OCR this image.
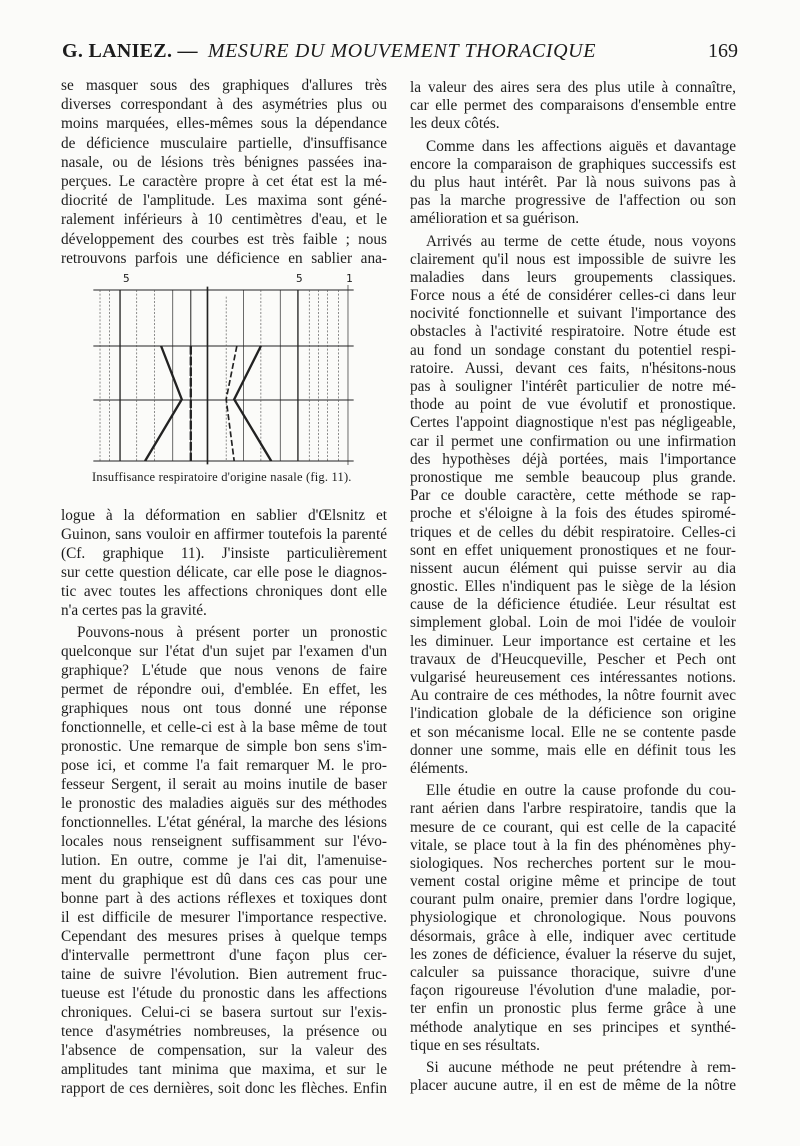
G. LANIEZ. — MESURE DU MOUVEMENT THORACIQUE	169
se masquer sous des graphiques d'allures très
diverses correspondant à des asymétries plus ou
moins marquées, elles-mêmes sous la dépendance
de déficience musculaire partielle, d'insuffisance
nasale, ou de lésions très bénignes passées ina-
perçues. Le caractère propre à cet état est la mé-
diocrité de l'amplitude. Les maxima sont géné-
ralement inférieurs à 10 centimètres d'eau, et le
développement des courbes est très faible ; nous
retrouvons parfois une déficience en sablier ana-
5	5	1
Insuffisance respiratoire d'origine nasale (fig. 11).
logue à la déformation en sablier d'Œlsnitz et
Guinon, sans vouloir en affirmer toutefois la parenté
(Cf. graphique 11). J'insiste particulièrement
sur cette question délicate, car elle pose le diagnos-
tic avec toutes les affections chroniques dont elle
n'a certes pas la gravité.
Pouvons-nous à présent porter un pronostic
quelconque sur l'état d'un sujet par l'examen d'un
graphique? L'étude que nous venons de faire
permet de répondre oui, d'emblée. En effet, les
graphiques nous ont tous donné une réponse
fonctionnelle, et celle-ci est à la base même de tout
pronostic. Une remarque de simple bon sens s'im-
pose ici, et comme l'a fait remarquer M. le pro-
fesseur Sergent, il serait au moins inutile de baser
le pronostic des maladies aiguës sur des méthodes
fonctionnelles. L'état général, la marche des lésions
locales nous renseignent suffisamment sur l'évo-
lution. En outre, comme je l'ai dit, l'amenuise-
ment du graphique est dû dans ces cas pour une
bonne part à des actions réflexes et toxiques dont
il est difficile de mesurer l'importance respective.
Cependant des mesures prises à quelque temps
d'intervalle permettront d'une façon plus cer-
taine de suivre l'évolution. Bien autrement fruc-
tueuse est l'étude du pronostic dans les affections
chroniques. Celui-ci se basera surtout sur l'exis-
tence d'asymétries nombreuses, la présence ou
l'absence de compensation, sur la valeur des
amplitudes tant minima que maxima, et sur le
rapport de ces dernières, soit donc les flèches. Enfin
la valeur des aires sera des plus utile à connaître,
car elle permet des comparaisons d'ensemble entre
les deux côtés.
Comme dans les affections aiguës et davantage
encore la comparaison de graphiques successifs est
du plus haut intérêt. Par là nous suivons pas à
pas la marche progressive de l'affection ou son
amélioration et sa guérison.
Arrivés au terme de cette étude, nous voyons
clairement qu'il nous est impossible de suivre les
maladies dans leurs groupements classiques.
Force nous a été de considérer celles-ci dans leur
nocivité fonctionnelle et suivant l'importance des
obstacles à l'activité respiratoire. Notre étude est
au fond un sondage constant du potentiel respi-
ratoire. Aussi, devant ces faits, n'hésitons-nous
pas à souligner l'intérêt particulier de notre mé-
thode au point de vue évolutif et pronostique.
Certes l'appoint diagnostique n'est pas négligeable,
car il permet une confirmation ou une infirmation
des hypothèses déjà portées, mais l'importance
pronostique me semble beaucoup plus grande.
Par ce double caractère, cette méthode se rap-
proche et s'éloigne à la fois des études spiromé-
triques et de celles du débit respiratoire. Celles-ci
sont en effet uniquement pronostiques et ne four-
nissent aucun élément qui puisse servir au dia
gnostic. Elles n'indiquent pas le siège de la lésion
cause de la déficience étudiée. Leur résultat est
simplement global. Loin de moi l'idée de vouloir
les diminuer. Leur importance est certaine et les
travaux de d'Heucqueville, Pescher et Pech ont
vulgarisé heureusement ces intéressantes notions.
Au contraire de ces méthodes, la nôtre fournit avec
l'indication globale de la déficience son origine
et son mécanisme local. Elle ne se contente pasde
donner une somme, mais elle en définit tous les
éléments.
Elle étudie en outre la cause profonde du cou-
rant aérien dans l'arbre respiratoire, tandis que la
mesure de ce courant, qui est celle de la capacité
vitale, se place tout à la fin des phénomènes phy-
siologiques. Nos recherches portent sur le mou-
vement costal origine même et principe de tout
courant pulm onaire, premier dans l'ordre logique,
physiologique et chronologique. Nous pouvons
désormais, grâce à elle, indiquer avec certitude
les zones de déficience, évaluer la réserve du sujet,
calculer sa puissance thoracique, suivre d'une
façon rigoureuse l'évolution d'une maladie, por-
ter enfin un pronostic plus ferme grâce à une
méthode analytique en ses principes et synthé-
tique en ses résultats.
Si aucune méthode ne peut prétendre à rem-
placer aucune autre, il en est de même de la nôtre
